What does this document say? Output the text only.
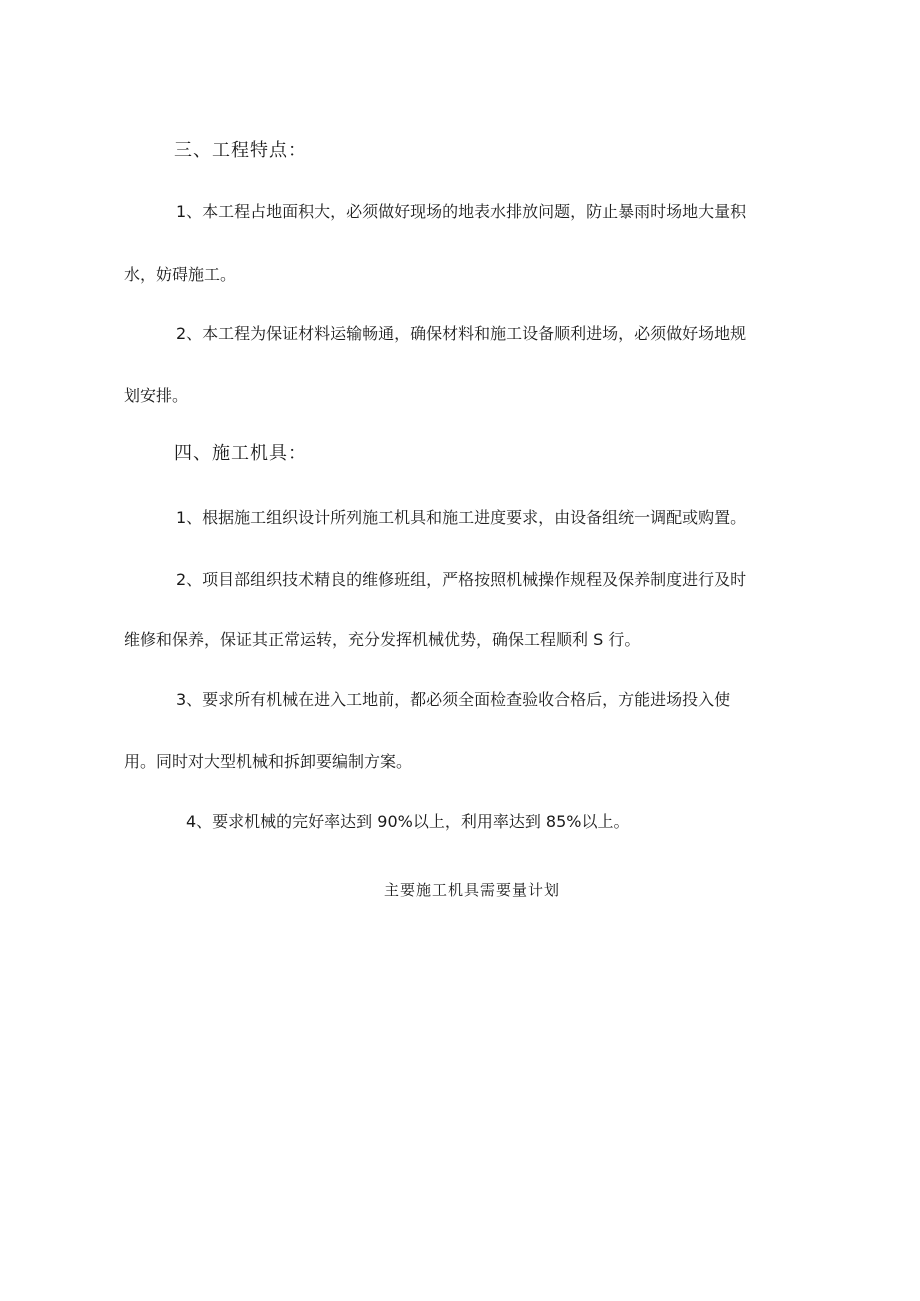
三、工程特点：
1、本工程占地面积大，必须做好现场的地表水排放问题，防止暴雨时场地大量积
水，妨碍施工。
2、本工程为保证材料运输畅通，确保材料和施工设备顺利进场，必须做好场地规
划安排。
四、施工机具：
1、根据施工组织设计所列施工机具和施工进度要求，由设备组统一调配或购置。
2、项目部组织技术精良的维修班组，严格按照机械操作规程及保养制度进行及时
维修和保养，保证其正常运转，充分发挥机械优势，确保工程顺利 S 行。
3、要求所有机械在进入工地前，都必须全面检查验收合格后，方能进场投入使
用。同时对大型机械和拆卸要编制方案。
4、要求机械的完好率达到 90%以上，利用率达到 85%以上。
主要施工机具需要量计划
